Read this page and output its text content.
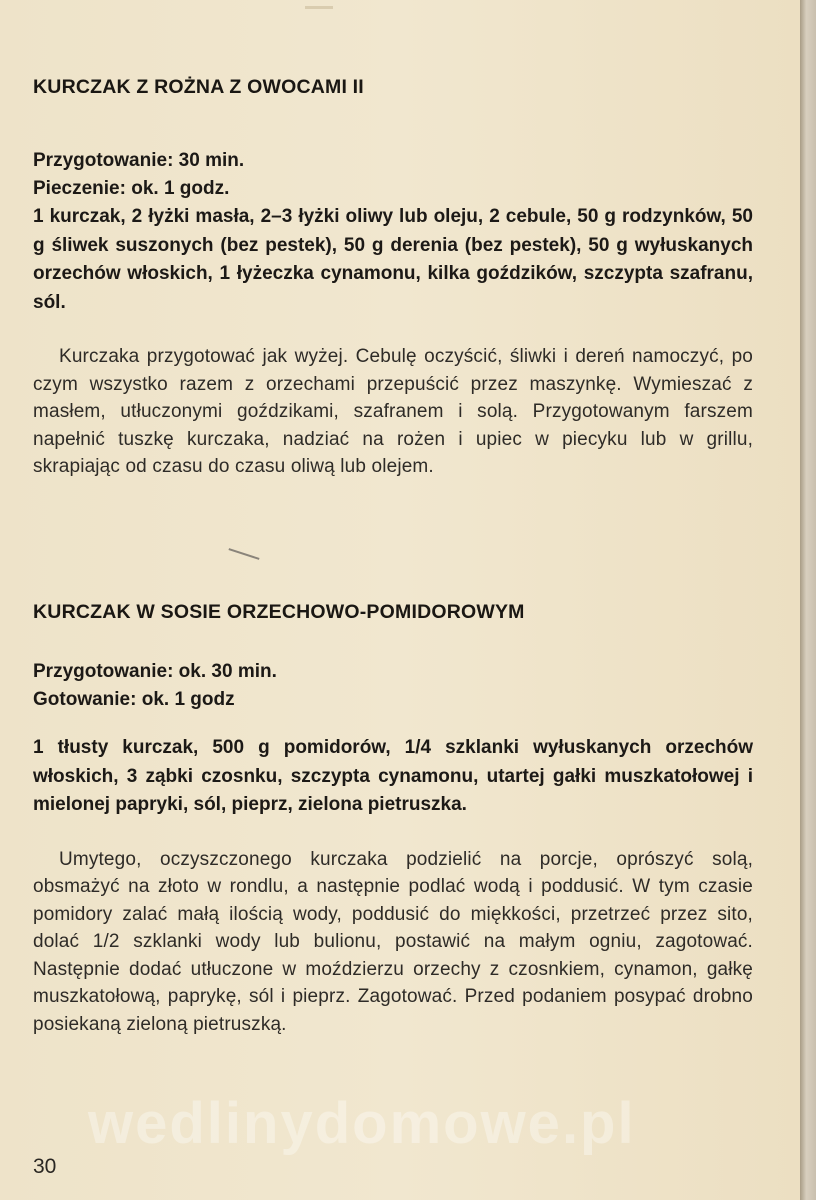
KURCZAK Z ROŻNA Z OWOCAMI II

Przygotowanie: 30 min.

Pieczenie: ok. 1 godz.

1 kurczak, 2 łyżki masła, 2–3 łyżki oliwy lub oleju, 2 cebule, 50 g rodzynków, 50 g śliwek suszonych (bez pestek), 50 g derenia (bez pestek), 50 g wyłuskanych orzechów włoskich, 1 łyżeczka cynamonu, kilka goździków, szczypta szafranu, sól.

Kurczaka przygotować jak wyżej. Cebulę oczyścić, śliwki i dereń namoczyć, po czym wszystko razem z orzechami przepuścić przez maszynkę. Wymieszać z masłem, utłuczonymi goździkami, szafranem i solą. Przygotowanym farszem napełnić tuszkę kurczaka, nadziać na rożen i upiec w piecyku lub w grillu, skrapiając od czasu do czasu oliwą lub olejem.

KURCZAK W SOSIE ORZECHOWO-POMIDOROWYM

Przygotowanie: ok. 30 min.

Gotowanie: ok. 1 godz

1 tłusty kurczak, 500 g pomidorów, 1/4 szklanki wyłuskanych orzechów włoskich, 3 ząbki czosnku, szczypta cynamonu, utartej gałki muszkatołowej i mielonej papryki, sól, pieprz, zielona pietruszka.

Umytego, oczyszczonego kurczaka podzielić na porcje, oprószyć solą, obsmażyć na złoto w rondlu, a następnie podlać wodą i poddusić. W tym czasie pomidory zalać małą ilością wody, poddusić do miękkości, przetrzeć przez sito, dolać 1/2 szklanki wody lub bulionu, postawić na małym ogniu, zagotować. Następnie dodać utłuczone w moździerzu orzechy z czosnkiem, cynamon, gałkę muszkatołową, paprykę, sól i pieprz. Zagotować. Przed podaniem posypać drobno posiekaną zieloną pietruszką.

wedlinydomowe.pl
30
